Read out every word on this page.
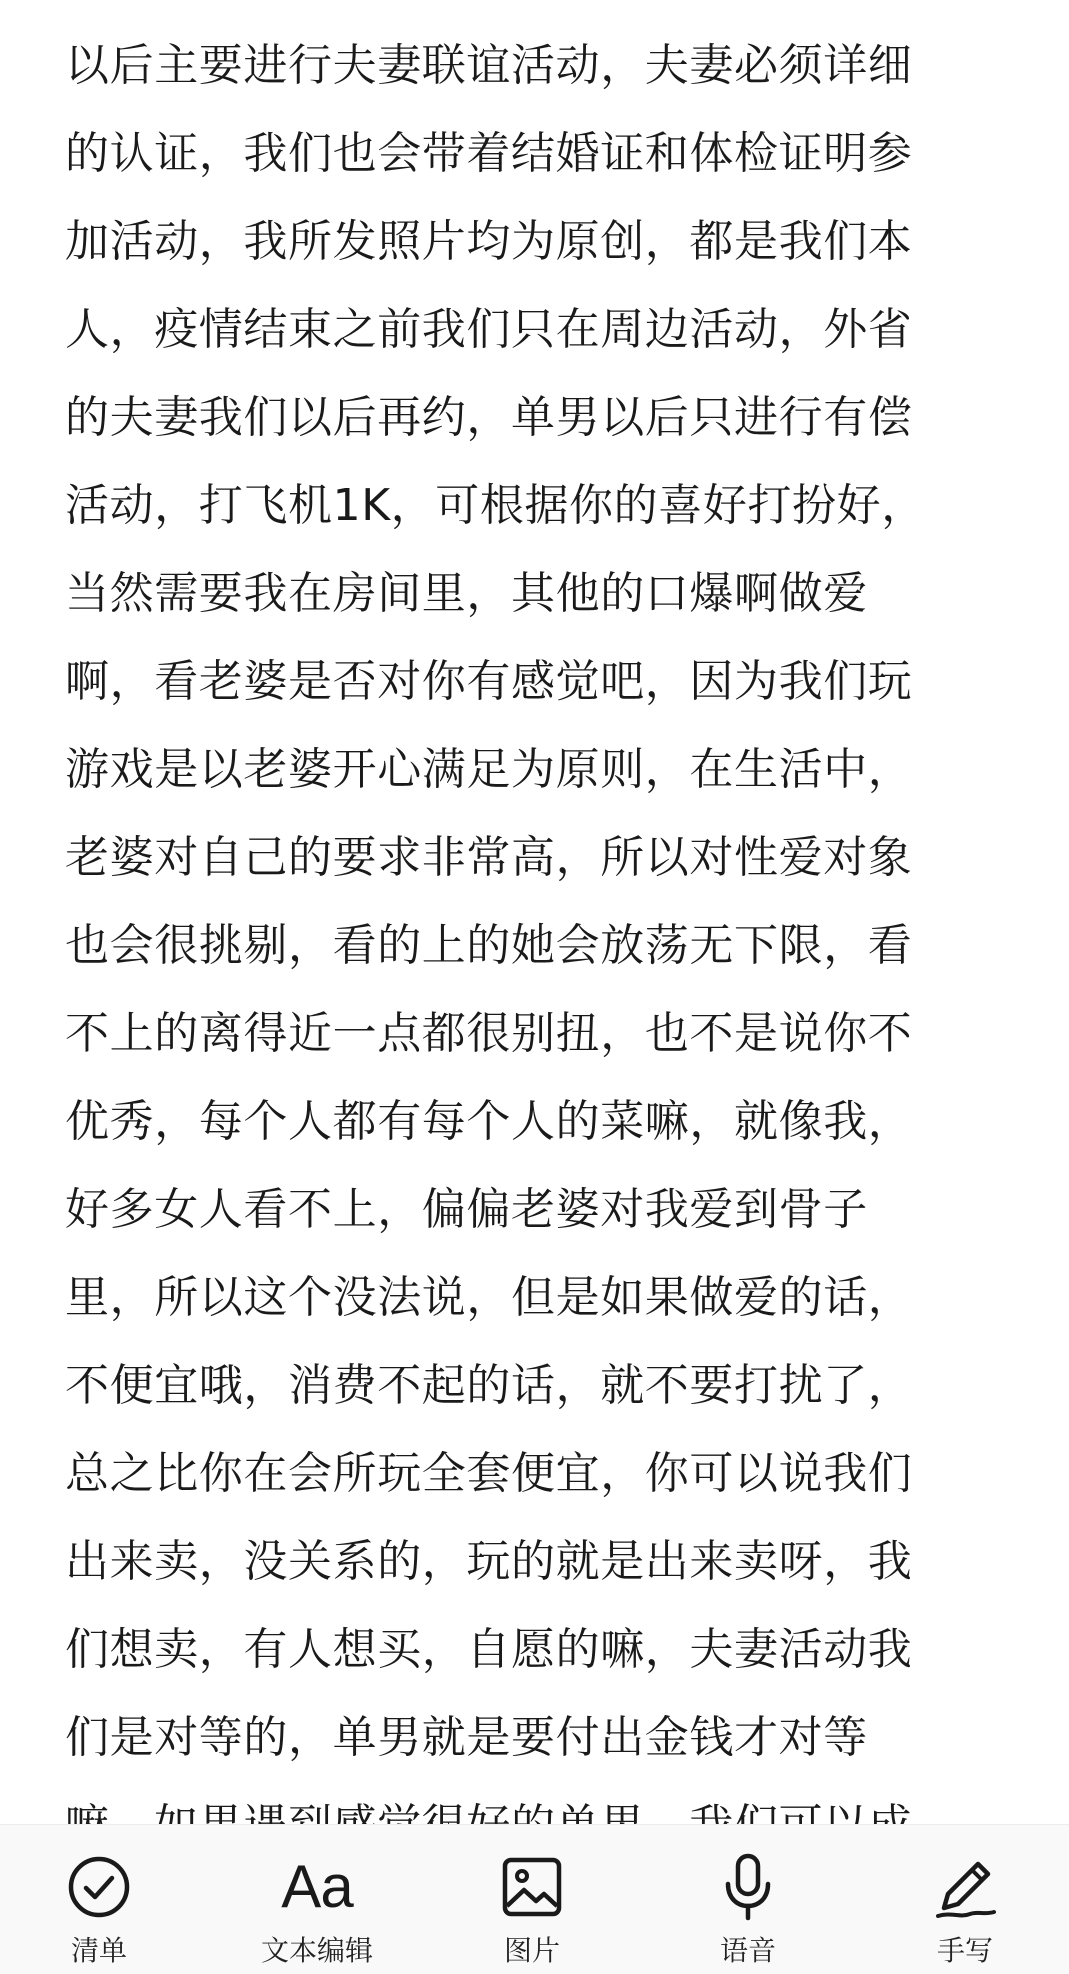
以后主要进行夫妻联谊活动，夫妻必须详细
的认证，我们也会带着结婚证和体检证明参
加活动，我所发照片均为原创，都是我们本
人，疫情结束之前我们只在周边活动，外省
的夫妻我们以后再约，单男以后只进行有偿
活动，打飞机1K，可根据你的喜好打扮好，
当然需要我在房间里，其他的口爆啊做爱
啊，看老婆是否对你有感觉吧，因为我们玩
游戏是以老婆开心满足为原则，在生活中，
老婆对自己的要求非常高，所以对性爱对象
也会很挑剔，看的上的她会放荡无下限，看
不上的离得近一点都很别扭，也不是说你不
优秀，每个人都有每个人的菜嘛，就像我，
好多女人看不上，偏偏老婆对我爱到骨子
里，所以这个没法说，但是如果做爱的话，
不便宜哦，消费不起的话，就不要打扰了，
总之比你在会所玩全套便宜，你可以说我们
出来卖，没关系的，玩的就是出来卖呀，我
们想卖，有人想买，自愿的嘛，夫妻活动我
们是对等的，单男就是要付出金钱才对等
清单
Aa
文本编辑	图片	语音	手写
